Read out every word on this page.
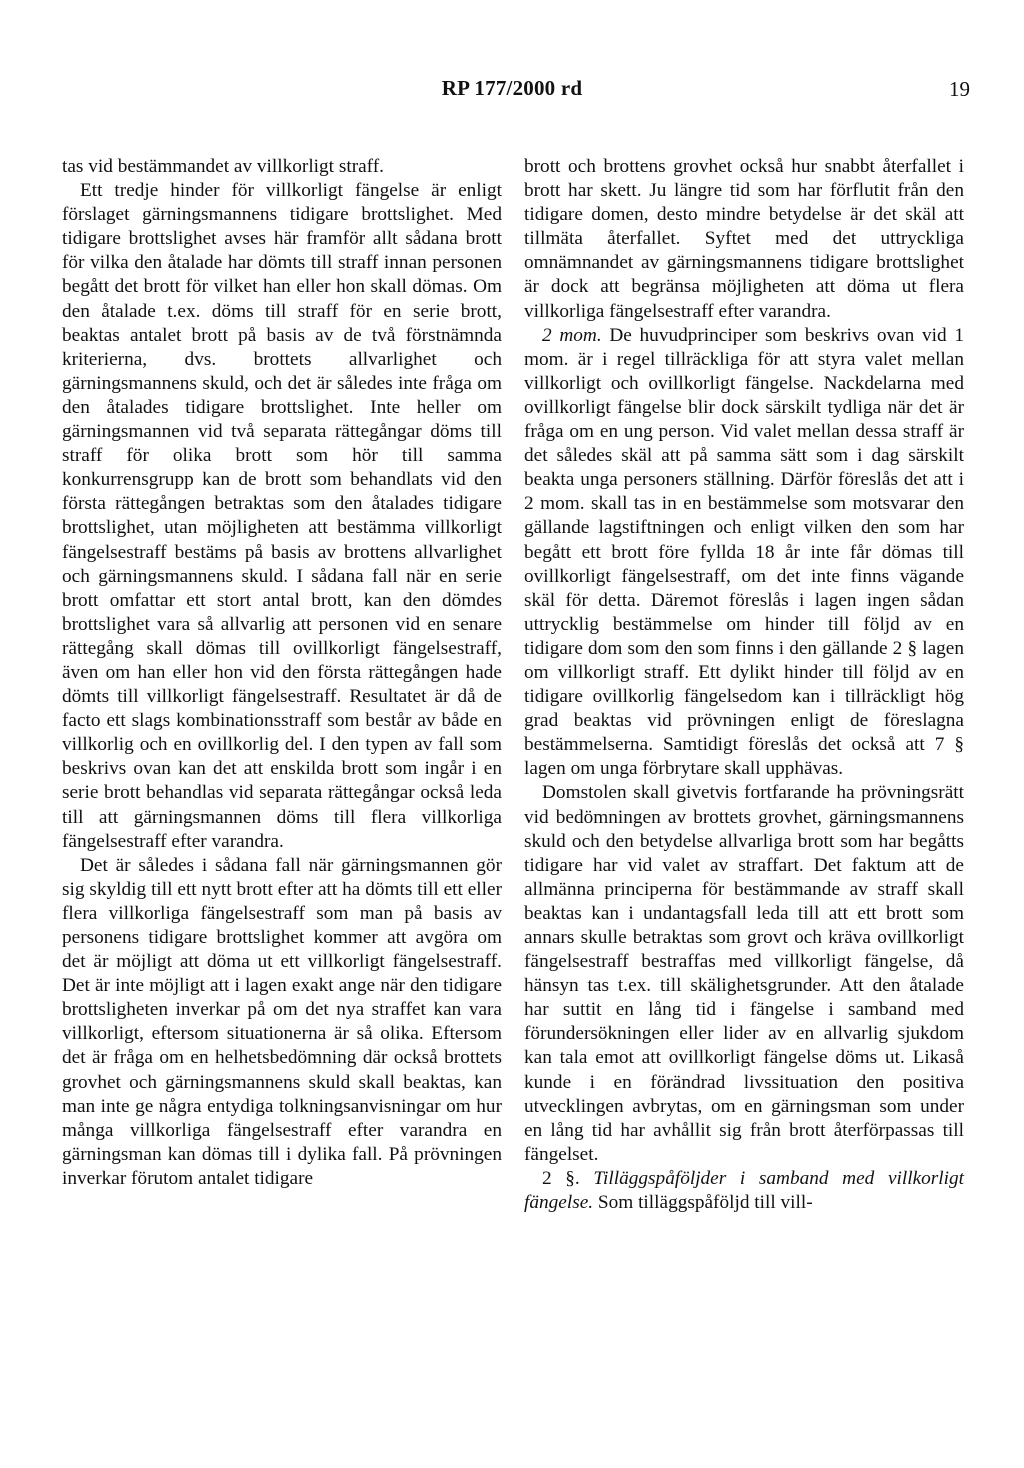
RP 177/2000 rd	19

tas vid bestämmandet av villkorligt straff.

Ett tredje hinder för villkorligt fängelse är enligt förslaget gärningsmannens tidigare brottslighet. Med tidigare brottslighet avses här framför allt sådana brott för vilka den åtalade har dömts till straff innan personen begått det brott för vilket han eller hon skall dömas. Om den åtalade t.ex. döms till straff för en serie brott, beaktas antalet brott på basis av de två förstnämnda kriterierna, dvs. brottets allvarlighet och gärningsmannens skuld, och det är således inte fråga om den åtalades tidigare brottslighet. Inte heller om gärningsmannen vid två separata rättegångar döms till straff för olika brott som hör till samma konkurrensgrupp kan de brott som behandlats vid den första rättegången betraktas som den åtalades tidigare brottslighet, utan möjligheten att bestämma villkorligt fängelsestraff bestäms på basis av brottens allvarlighet och gärningsmannens skuld. I sådana fall när en serie brott omfattar ett stort antal brott, kan den dömdes brottslighet vara så allvarlig att personen vid en senare rättegång skall dömas till ovillkorligt fängelsestraff, även om han eller hon vid den första rättegången hade dömts till villkorligt fängelsestraff. Resultatet är då de facto ett slags kombinationsstraff som består av både en villkorlig och en ovillkorlig del. I den typen av fall som beskrivs ovan kan det att enskilda brott som ingår i en serie brott behandlas vid separata rättegångar också leda till att gärningsmannen döms till flera villkorliga fängelsestraff efter varandra.

Det är således i sådana fall när gärningsmannen gör sig skyldig till ett nytt brott efter att ha dömts till ett eller flera villkorliga fängelsestraff som man på basis av personens tidigare brottslighet kommer att avgöra om det är möjligt att döma ut ett villkorligt fängelsestraff. Det är inte möjligt att i lagen exakt ange när den tidigare brottsligheten inverkar på om det nya straffet kan vara villkorligt, eftersom situationerna är så olika. Eftersom det är fråga om en helhetsbedömning där också brottets grovhet och gärningsmannens skuld skall beaktas, kan man inte ge några entydiga tolkningsanvisningar om hur många villkorliga fängelsestraff efter varandra en gärningsman kan dömas till i dylika fall. På prövningen inverkar förutom antalet tidigare

brott och brottens grovhet också hur snabbt återfallet i brott har skett. Ju längre tid som har förflutit från den tidigare domen, desto mindre betydelse är det skäl att tillmäta återfallet. Syftet med det uttryckliga omnämnandet av gärningsmannens tidigare brottslighet är dock att begränsa möjligheten att döma ut flera villkorliga fängelsestraff efter varandra.

2 mom. De huvudprinciper som beskrivs ovan vid 1 mom. är i regel tillräckliga för att styra valet mellan villkorligt och ovillkorligt fängelse. Nackdelarna med ovillkorligt fängelse blir dock särskilt tydliga när det är fråga om en ung person. Vid valet mellan dessa straff är det således skäl att på samma sätt som i dag särskilt beakta unga personers ställning. Därför föreslås det att i 2 mom. skall tas in en bestämmelse som motsvarar den gällande lagstiftningen och enligt vilken den som har begått ett brott före fyllda 18 år inte får dömas till ovillkorligt fängelsestraff, om det inte finns vägande skäl för detta. Däremot föreslås i lagen ingen sådan uttrycklig bestämmelse om hinder till följd av en tidigare dom som den som finns i den gällande 2 § lagen om villkorligt straff. Ett dylikt hinder till följd av en tidigare ovillkorlig fängelsedom kan i tillräckligt hög grad beaktas vid prövningen enligt de föreslagna bestämmelserna. Samtidigt föreslås det också att 7 § lagen om unga förbrytare skall upphävas.

Domstolen skall givetvis fortfarande ha prövningsrätt vid bedömningen av brottets grovhet, gärningsmannens skuld och den betydelse allvarliga brott som har begåtts tidigare har vid valet av straffart. Det faktum att de allmänna principerna för bestämmande av straff skall beaktas kan i undantagsfall leda till att ett brott som annars skulle betraktas som grovt och kräva ovillkorligt fängelsestraff bestraffas med villkorligt fängelse, då hänsyn tas t.ex. till skälighetsgrunder. Att den åtalade har suttit en lång tid i fängelse i samband med förundersökningen eller lider av en allvarlig sjukdom kan tala emot att ovillkorligt fängelse döms ut. Likaså kunde i en förändrad livssituation den positiva utvecklingen avbrytas, om en gärningsman som under en lång tid har avhållit sig från brott återförpassas till fängelset.

2 §. Tilläggspåföljder i samband med villkorligt fängelse. Som tilläggspåföljd till vill-
